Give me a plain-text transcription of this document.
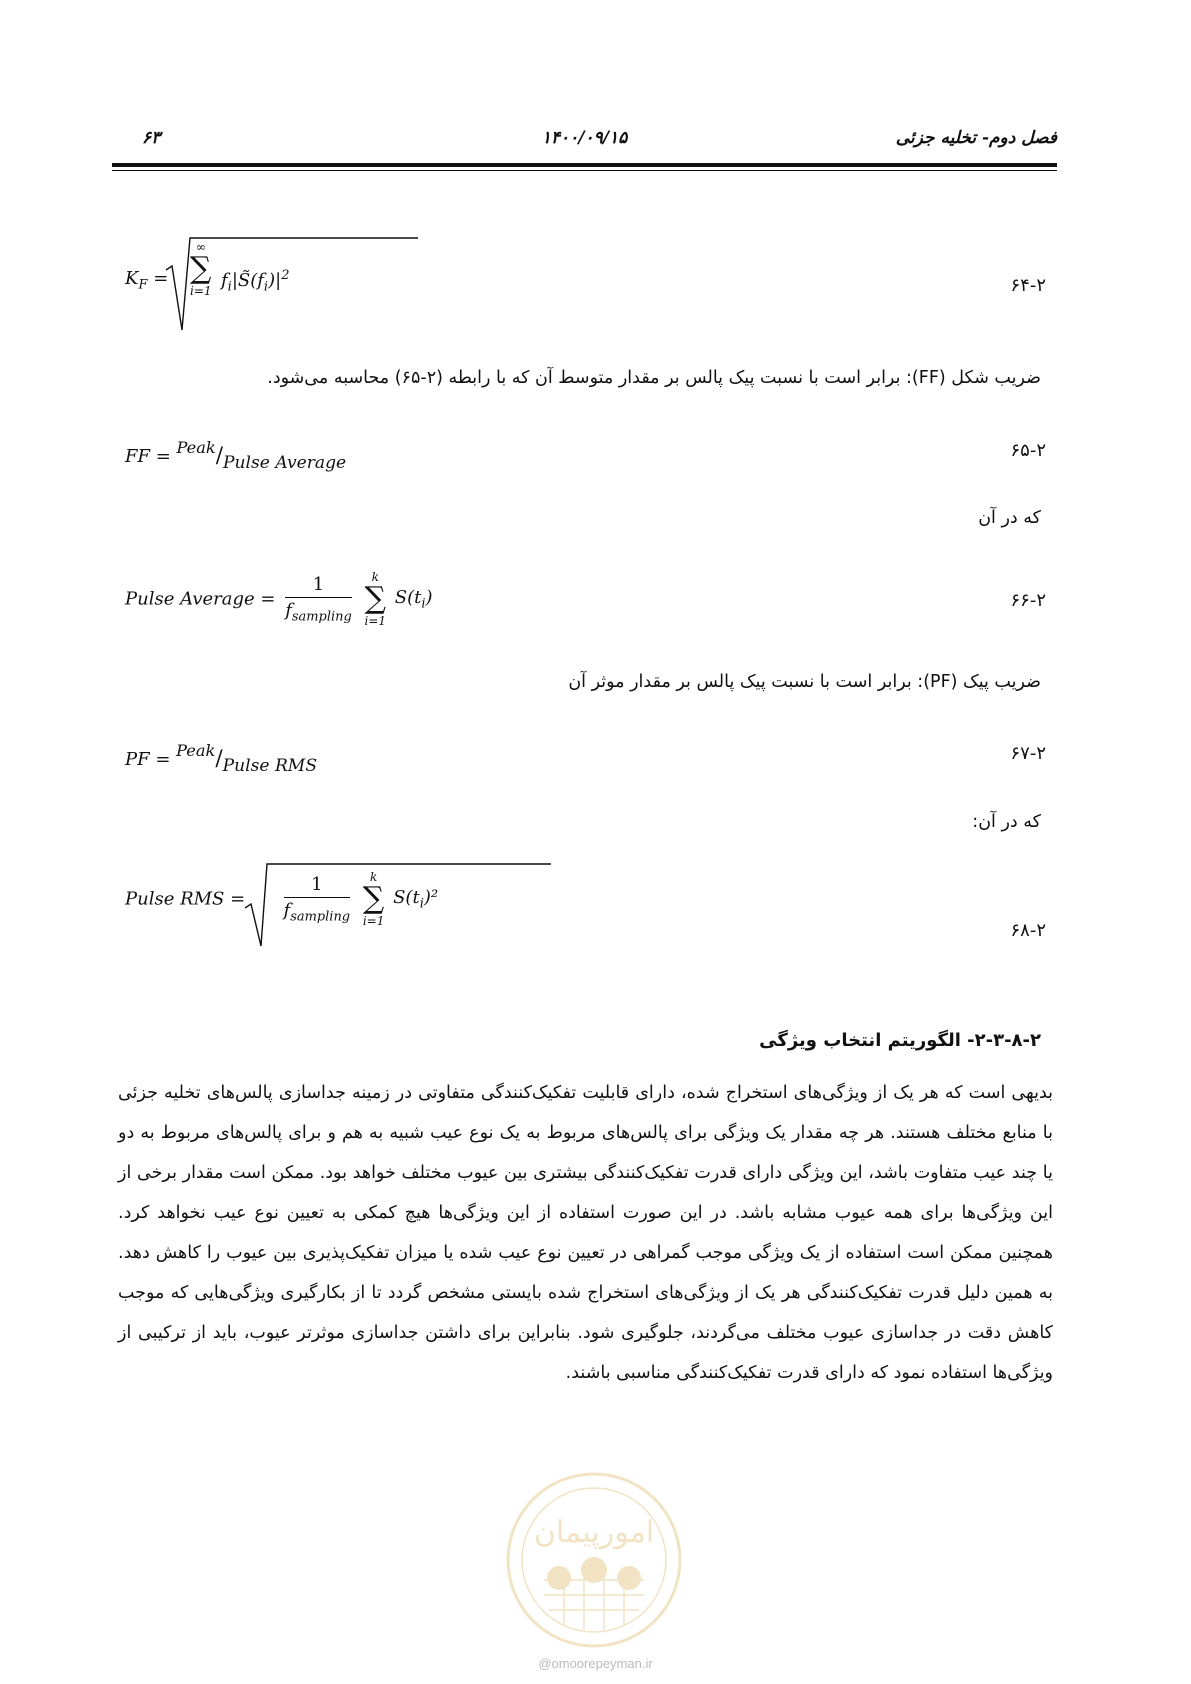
۶۳	۱۴۰۰/۰۹/۱۵	فصل دوم- تخلیه جزئی
$K_F$ =
∞
∑
i=1 $f_i|S̃(f_i)|^2$	۶۴-۲
ضریب شکل (FF): برابر است با نسبت پیک پالس بر مقدار متوسط آن که با رابطه (۲-۶۵) محاسبه می‌شود.
FF = Peak/Pulse Average
۶۵-۲
که در آن
Pulse Average = $\frac{1}{f_{sampling}}$
	k
∑
i=1
$S(t_i)$	۶۶-۲
ضریب پیک (PF): برابر است با نسبت پیک پالس بر مقدار موثر آن
PF = Peak/Pulse RMS
۶۷-۲
که در آن:
Pulse RMS = $\frac{1}{f_{sampling}}$
	k
∑
i=1
$S(t_i)^2$
۶۸-۲
۲-۳-۸-۲- الگوریتم انتخاب ویژگی
بدیهی است که هر یک از ویژگی‌های استخراج شده، دارای قابلیت تفکیک‌کنندگی متفاوتی در زمینه جداسازی پالس‌های تخلیه جزئی با منابع مختلف هستند. هر چه مقدار یک ویژگی برای پالس‌های مربوط به یک نوع عیب شبیه به هم و برای پالس‌های مربوط به دو یا چند عیب متفاوت باشد، این ویژگی دارای قدرت تفکیک‌کنندگی بیشتری بین عیوب مختلف خواهد بود. ممکن است مقدار برخی از این ویژگی‌ها برای همه عیوب مشابه باشد. در این صورت استفاده از این ویژگی‌ها هیچ کمکی به تعیین نوع عیب نخواهد کرد. همچنین ممکن است استفاده از یک ویژگی موجب گمراهی در تعیین نوع عیب شده یا میزان تفکیک‌پذیری بین عیوب را کاهش دهد. به همین دلیل قدرت تفکیک‌کنندگی هر یک از ویژگی‌های استخراج شده بایستی مشخص گردد تا از بکارگیری ویژگی‌هایی که موجب کاهش دقت در جداسازی عیوب مختلف می‌گردند، جلوگیری شود. بنابراین برای داشتن جداسازی موثرتر عیوب، باید از ترکیبی از ویژگی‌ها استفاده نمود که دارای قدرت تفکیک‌کنندگی مناسبی باشند.
امورپیمان
@omoorepeyman.ir
